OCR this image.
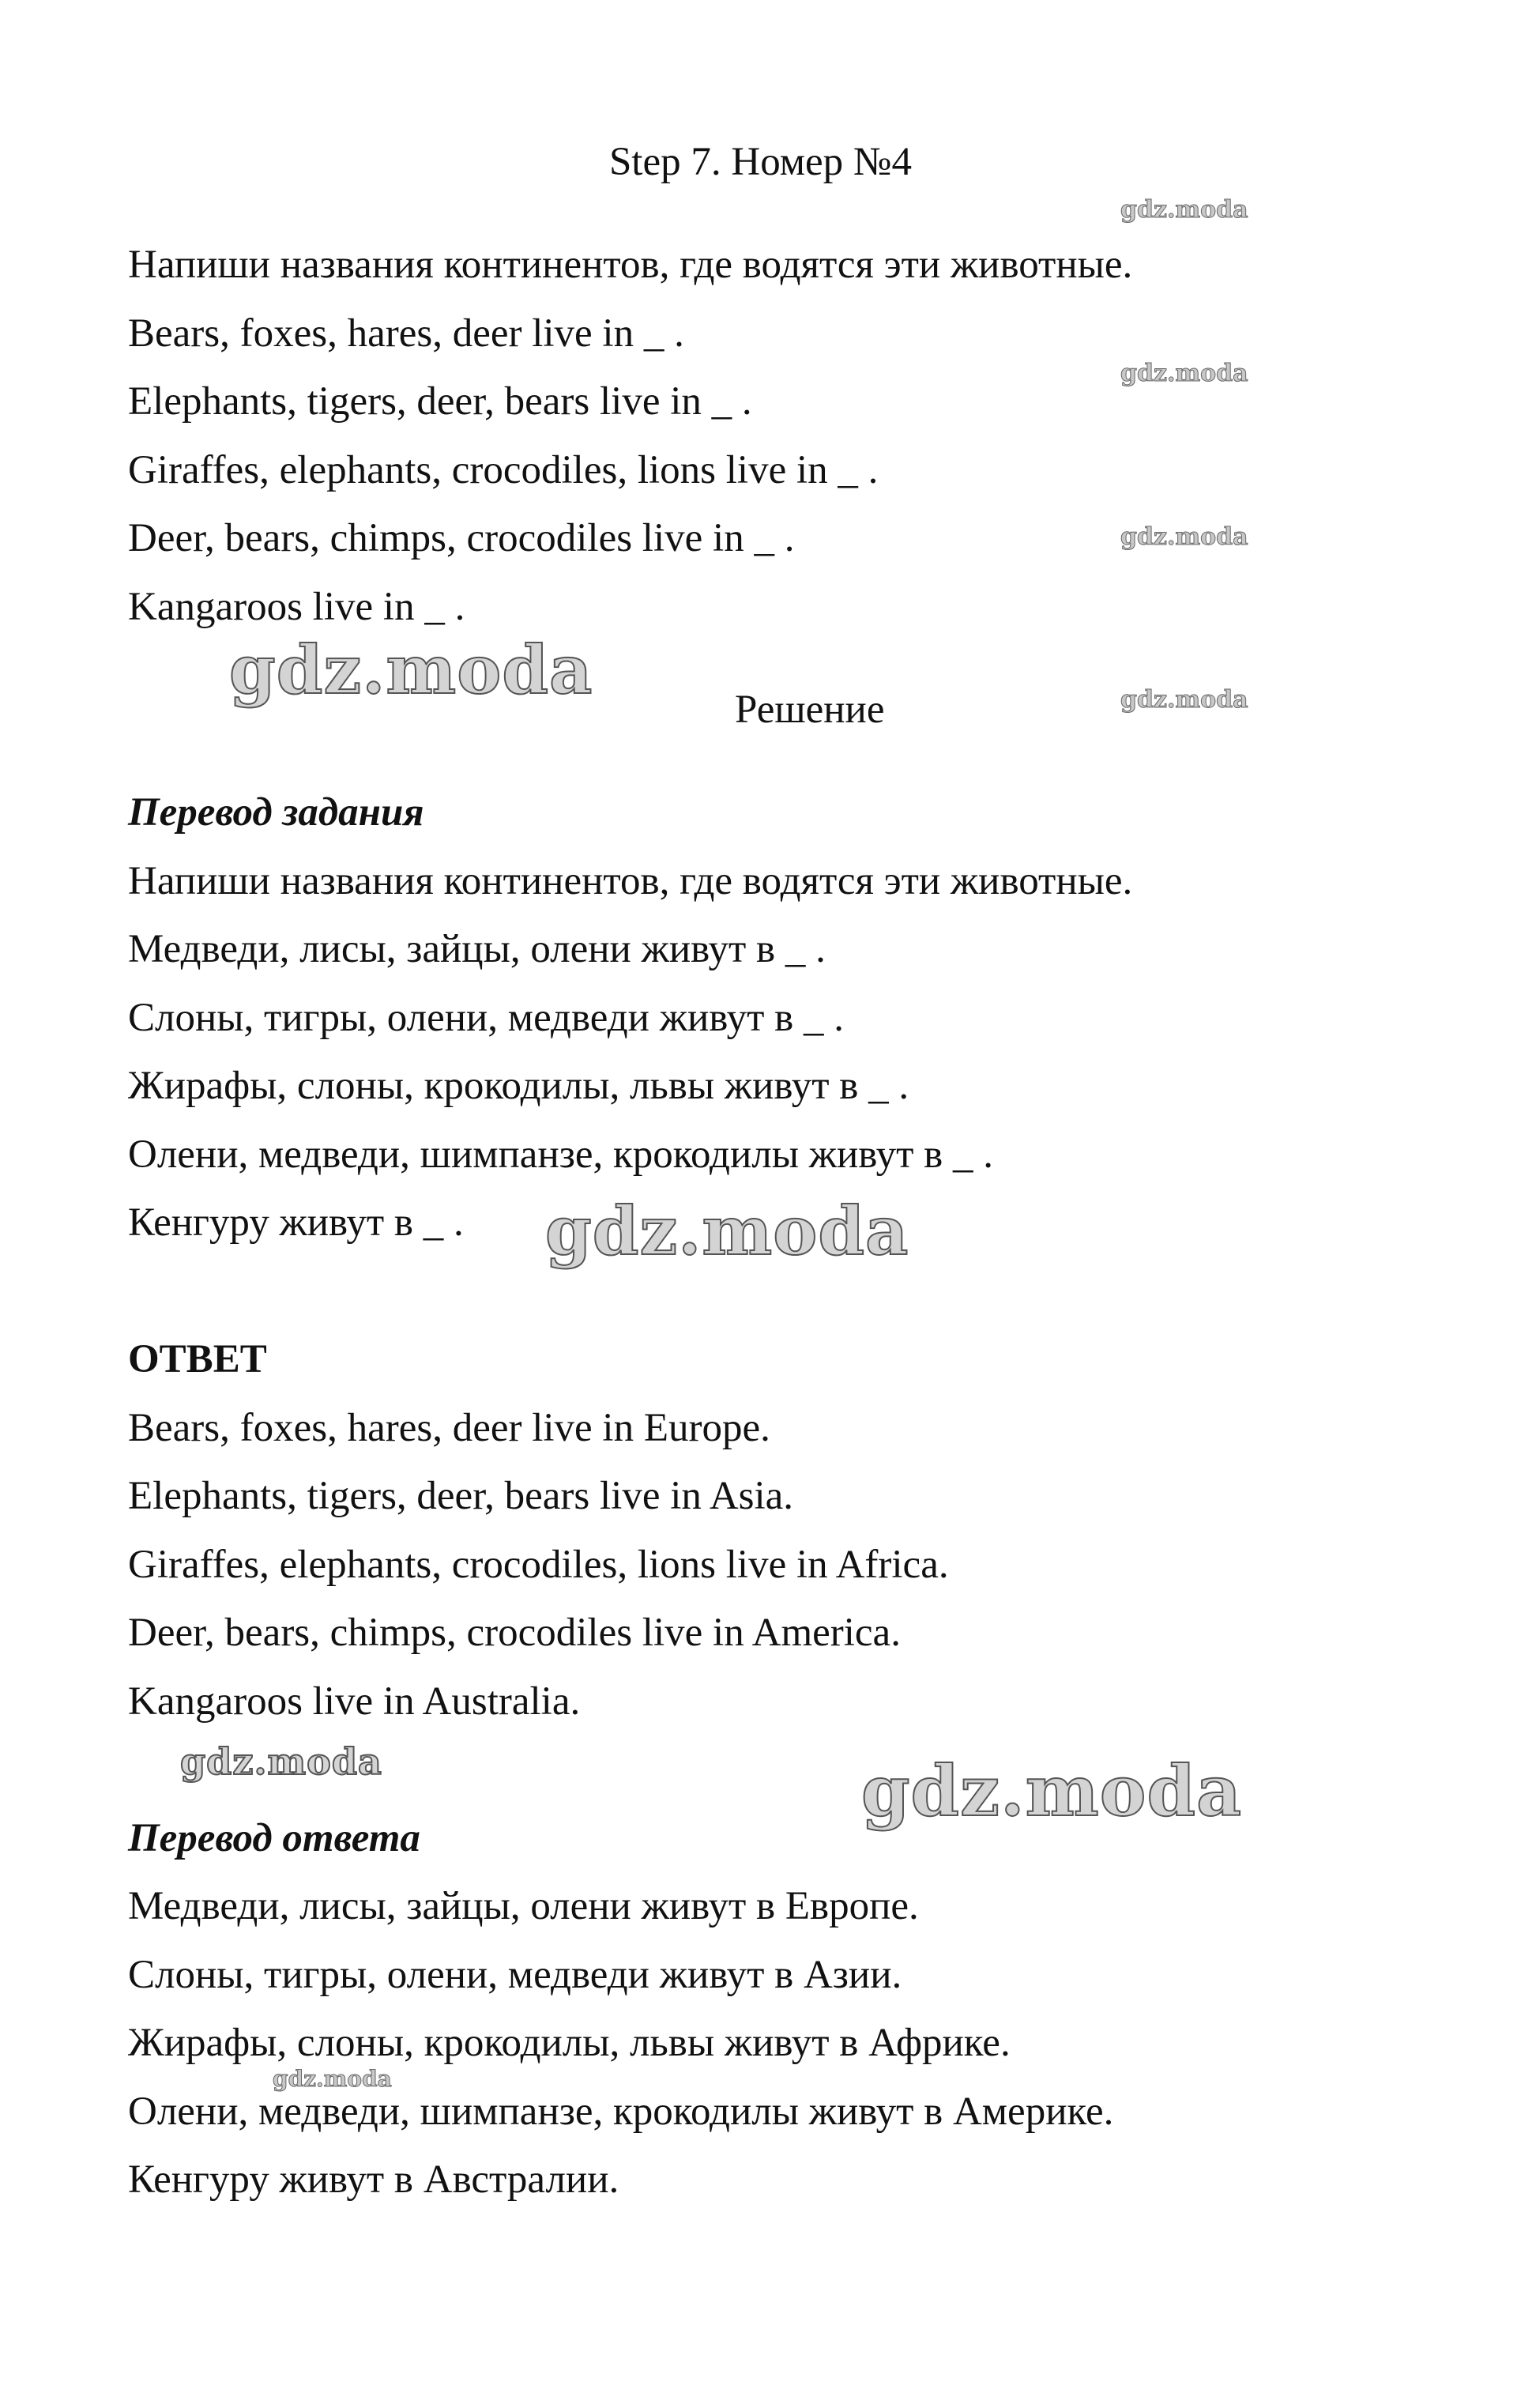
Step 7. Номер №4
Напиши названия континентов, где водятся эти животные.
Bears, foxes, hares, deer live in _ .
Elephants, tigers, deer, bears live in _ .
Giraffes, elephants, crocodiles, lions live in _ .
Deer, bears, chimps, crocodiles live in _ .
Kangaroos live in _ .
Решение
Перевод задания
Напиши названия континентов, где водятся эти животные.
Медведи, лисы, зайцы, олени живут в _ .
Слоны, тигры, олени, медведи живут в _ .
Жирафы, слоны, крокодилы, львы живут в _ .
Олени, медведи, шимпанзе, крокодилы живут в _ .
Кенгуру живут в _ .
ОТВЕТ
Bears, foxes, hares, deer live in Europe.
Elephants, tigers, deer, bears live in Asia.
Giraffes, elephants, crocodiles, lions live in Africa.
Deer, bears, chimps, crocodiles live in America.
Kangaroos live in Australia.
Перевод ответа
Медведи, лисы, зайцы, олени живут в Европе.
Слоны, тигры, олени, медведи живут в Азии.
Жирафы, слоны, крокодилы, львы живут в Африке.
Олени, медведи, шимпанзе, крокодилы живут в Америке.
Кенгуру живут в Австралии.
gdz.moda
gdz.moda
gdz.moda
gdz.moda
gdz.moda
gdz.moda
gdz.moda	gdz.moda
gdz.moda
